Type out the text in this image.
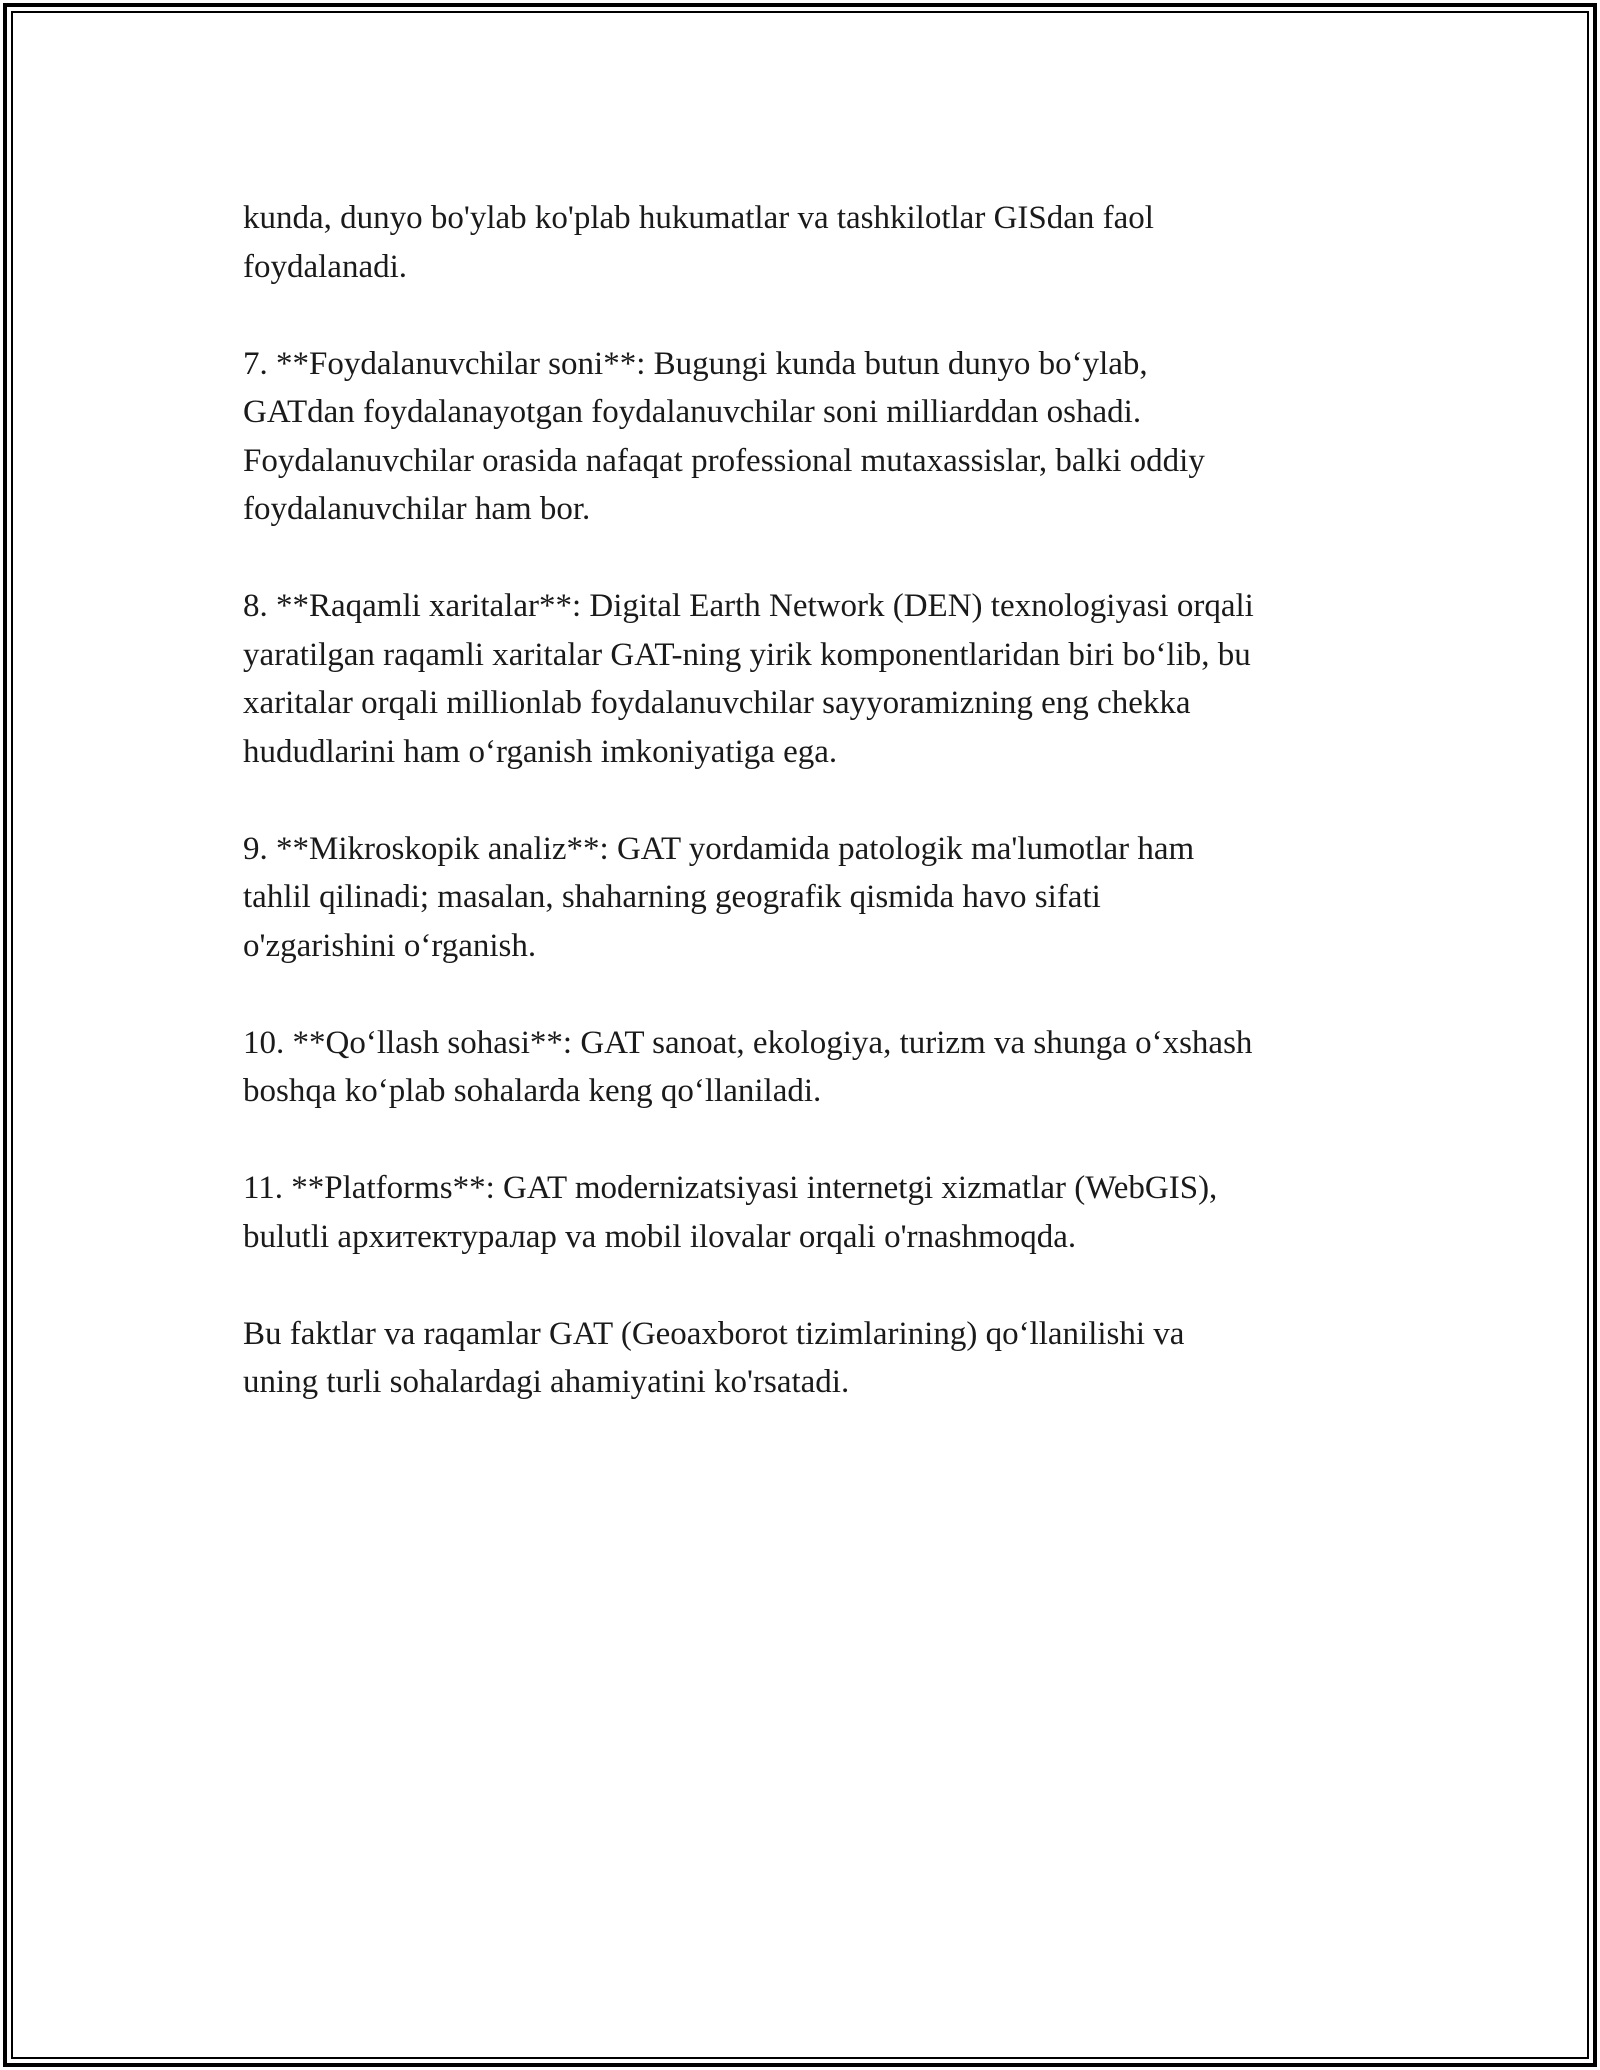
kunda, dunyo bo'ylab ko'plab hukumatlar va tashkilotlar GISdan faol
foydalanadi.

7. **Foydalanuvchilar soni**: Bugungi kunda butun dunyo bo‘ylab,
GATdan foydalanayotgan foydalanuvchilar soni milliarddan oshadi.
Foydalanuvchilar orasida nafaqat professional mutaxassislar, balki oddiy
foydalanuvchilar ham bor.

8. **Raqamli xaritalar**: Digital Earth Network (DEN) texnologiyasi orqali
yaratilgan raqamli xaritalar GAT-ning yirik komponentlaridan biri bo‘lib, bu
xaritalar orqali millionlab foydalanuvchilar sayyoramizning eng chekka
hududlarini ham o‘rganish imkoniyatiga ega.

9. **Mikroskopik analiz**: GAT yordamida patologik ma'lumotlar ham
tahlil qilinadi; masalan, shaharning geografik qismida havo sifati
o'zgarishini o‘rganish.

10. **Qo‘llash sohasi**: GAT sanoat, ekologiya, turizm va shunga o‘xshash
boshqa ko‘plab sohalarda keng qo‘llaniladi.

11. **Platforms**: GAT modernizatsiyasi internetgi xizmatlar (WebGIS),
bulutli архитектуралар va mobil ilovalar orqali o'rnashmoqda.

Bu faktlar va raqamlar GAT (Geoaxborot tizimlarining) qo‘llanilishi va
uning turli sohalardagi ahamiyatini ko'rsatadi.
